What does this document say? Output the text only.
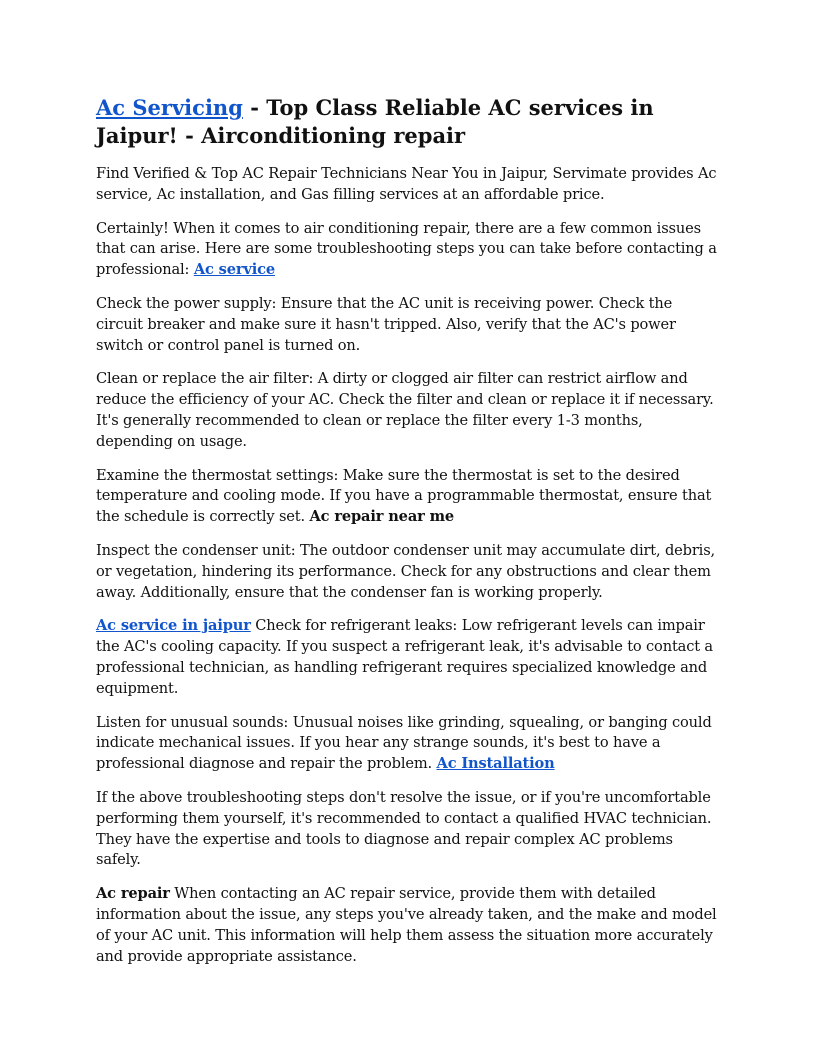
Ac Servicing - Top Class Reliable AC services in Jaipur! - Airconditioning repair

Find Verified & Top AC Repair Technicians Near You in Jaipur, Servimate provides Ac service, Ac installation, and Gas filling services at an affordable price.

Certainly! When it comes to air conditioning repair, there are a few common issues that can arise. Here are some troubleshooting steps you can take before contacting a professional: Ac service

Check the power supply: Ensure that the AC unit is receiving power. Check the circuit breaker and make sure it hasn't tripped. Also, verify that the AC's power switch or control panel is turned on.

Clean or replace the air filter: A dirty or clogged air filter can restrict airflow and reduce the efficiency of your AC. Check the filter and clean or replace it if necessary. It's generally recommended to clean or replace the filter every 1-3 months, depending on usage.

Examine the thermostat settings: Make sure the thermostat is set to the desired temperature and cooling mode. If you have a programmable thermostat, ensure that the schedule is correctly set. Ac repair near me

Inspect the condenser unit: The outdoor condenser unit may accumulate dirt, debris, or vegetation, hindering its performance. Check for any obstructions and clear them away. Additionally, ensure that the condenser fan is working properly.

Ac service in jaipur Check for refrigerant leaks: Low refrigerant levels can impair the AC's cooling capacity. If you suspect a refrigerant leak, it's advisable to contact a professional technician, as handling refrigerant requires specialized knowledge and equipment.

Listen for unusual sounds: Unusual noises like grinding, squealing, or banging could indicate mechanical issues. If you hear any strange sounds, it's best to have a professional diagnose and repair the problem. Ac Installation

If the above troubleshooting steps don't resolve the issue, or if you're uncomfortable performing them yourself, it's recommended to contact a qualified HVAC technician. They have the expertise and tools to diagnose and repair complex AC problems safely.

Ac repair When contacting an AC repair service, provide them with detailed information about the issue, any steps you've already taken, and the make and model of your AC unit. This information will help them assess the situation more accurately and provide appropriate assistance.
